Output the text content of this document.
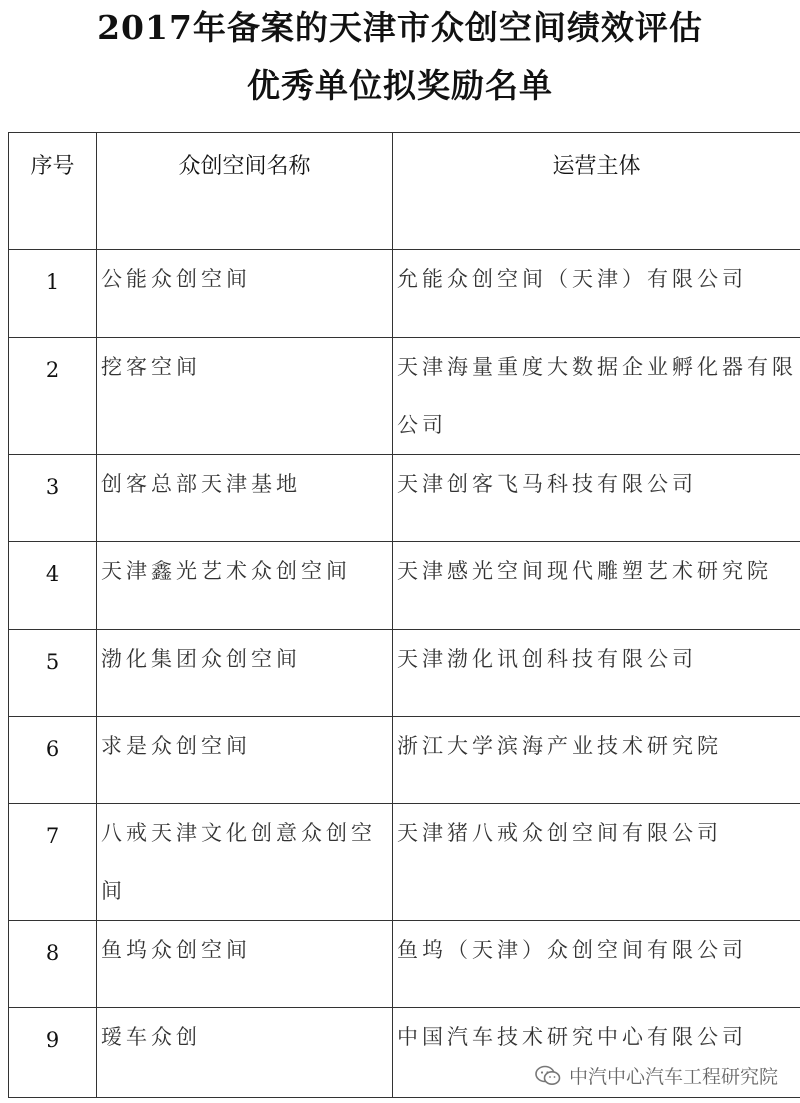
2017年备案的天津市众创空间绩效评估
优秀单位拟奖励名单
序号	众创空间名称	运营主体

1	公能众创空间	允能众创空间（天津）有限公司

2	挖客空间	天津海量重度大数据企业孵化器有限公司

3	创客总部天津基地	天津创客飞马科技有限公司

4	天津鑫光艺术众创空间	天津感光空间现代雕塑艺术研究院

5	渤化集团众创空间	天津渤化讯创科技有限公司

6	求是众创空间	浙江大学滨海产业技术研究院

7	八戒天津文化创意众创空间	天津猪八戒众创空间有限公司

8	鱼坞众创空间	鱼坞（天津）众创空间有限公司

9	瑷车众创	中国汽车技术研究中心有限公司
中汽中心汽车工程研究院
